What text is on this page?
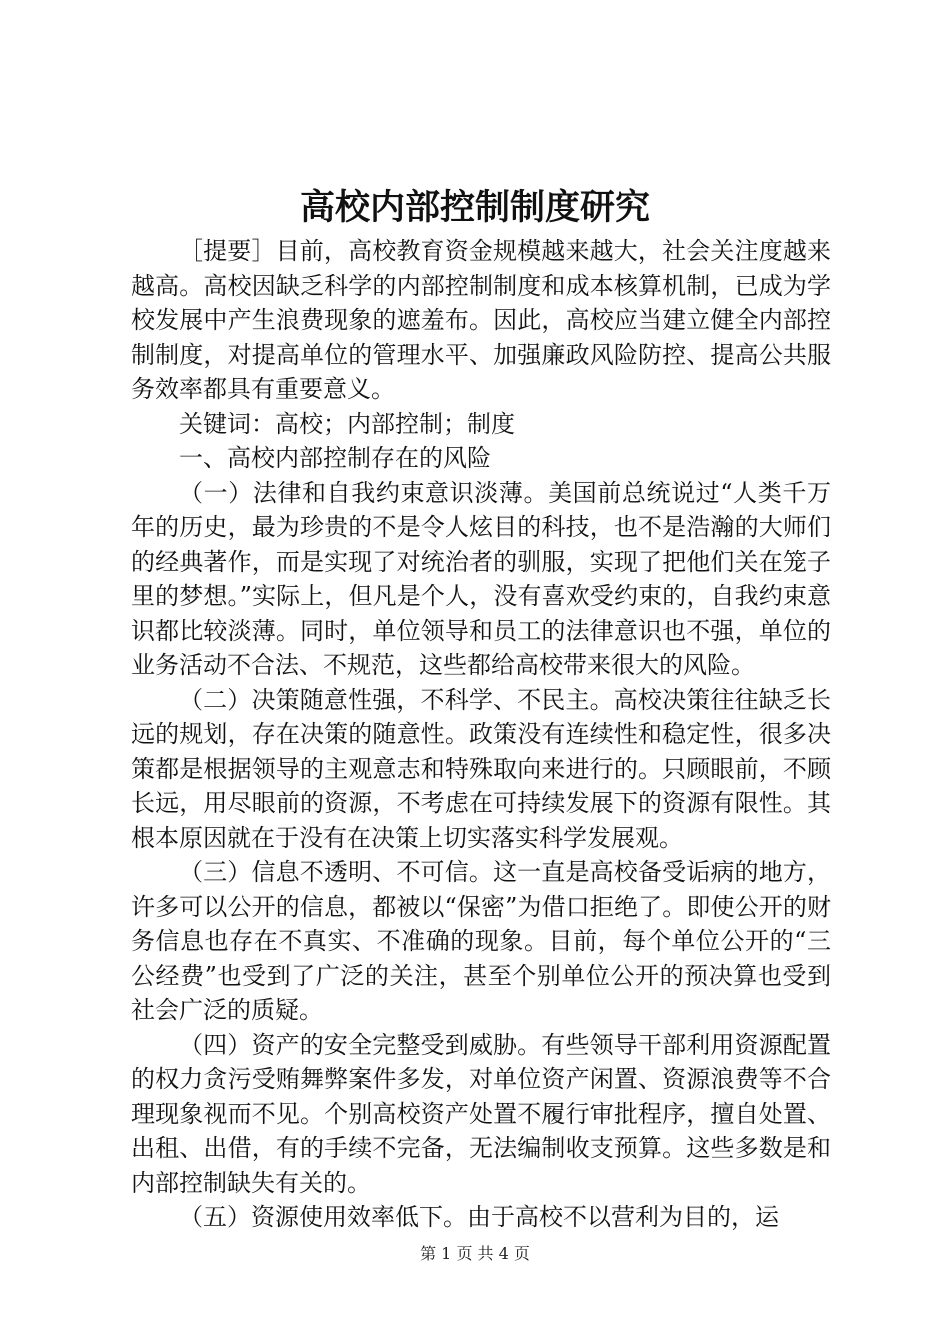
高校内部控制制度研究

［提要］目前，高校教育资金规模越来越大，社会关注度越来越高。高校因缺乏科学的内部控制制度和成本核算机制，已成为学校发展中产生浪费现象的遮羞布。因此，高校应当建立健全内部控制制度，对提高单位的管理水平、加强廉政风险防控、提高公共服务效率都具有重要意义。

关键词：高校；内部控制；制度

一、高校内部控制存在的风险

（一）法律和自我约束意识淡薄。美国前总统说过“人类千万年的历史，最为珍贵的不是令人炫目的科技，也不是浩瀚的大师们的经典著作，而是实现了对统治者的驯服，实现了把他们关在笼子里的梦想。”实际上，但凡是个人，没有喜欢受约束的，自我约束意识都比较淡薄。同时，单位领导和员工的法律意识也不强，单位的业务活动不合法、不规范，这些都给高校带来很大的风险。

（二）决策随意性强，不科学、不民主。高校决策往往缺乏长远的规划，存在决策的随意性。政策没有连续性和稳定性，很多决策都是根据领导的主观意志和特殊取向来进行的。只顾眼前，不顾长远，用尽眼前的资源，不考虑在可持续发展下的资源有限性。其根本原因就在于没有在决策上切实落实科学发展观。

（三）信息不透明、不可信。这一直是高校备受诟病的地方，许多可以公开的信息，都被以“保密”为借口拒绝了。即使公开的财务信息也存在不真实、不准确的现象。目前，每个单位公开的“三公经费”也受到了广泛的关注，甚至个别单位公开的预决算也受到社会广泛的质疑。

（四）资产的安全完整受到威胁。有些领导干部利用资源配置的权力贪污受贿舞弊案件多发，对单位资产闲置、资源浪费等不合理现象视而不见。个别高校资产处置不履行审批程序，擅自处置、出租、出借，有的手续不完备，无法编制收支预算。这些多数是和内部控制缺失有关的。

（五）资源使用效率低下。由于高校不以营利为目的，运

第 1 页 共 4 页
